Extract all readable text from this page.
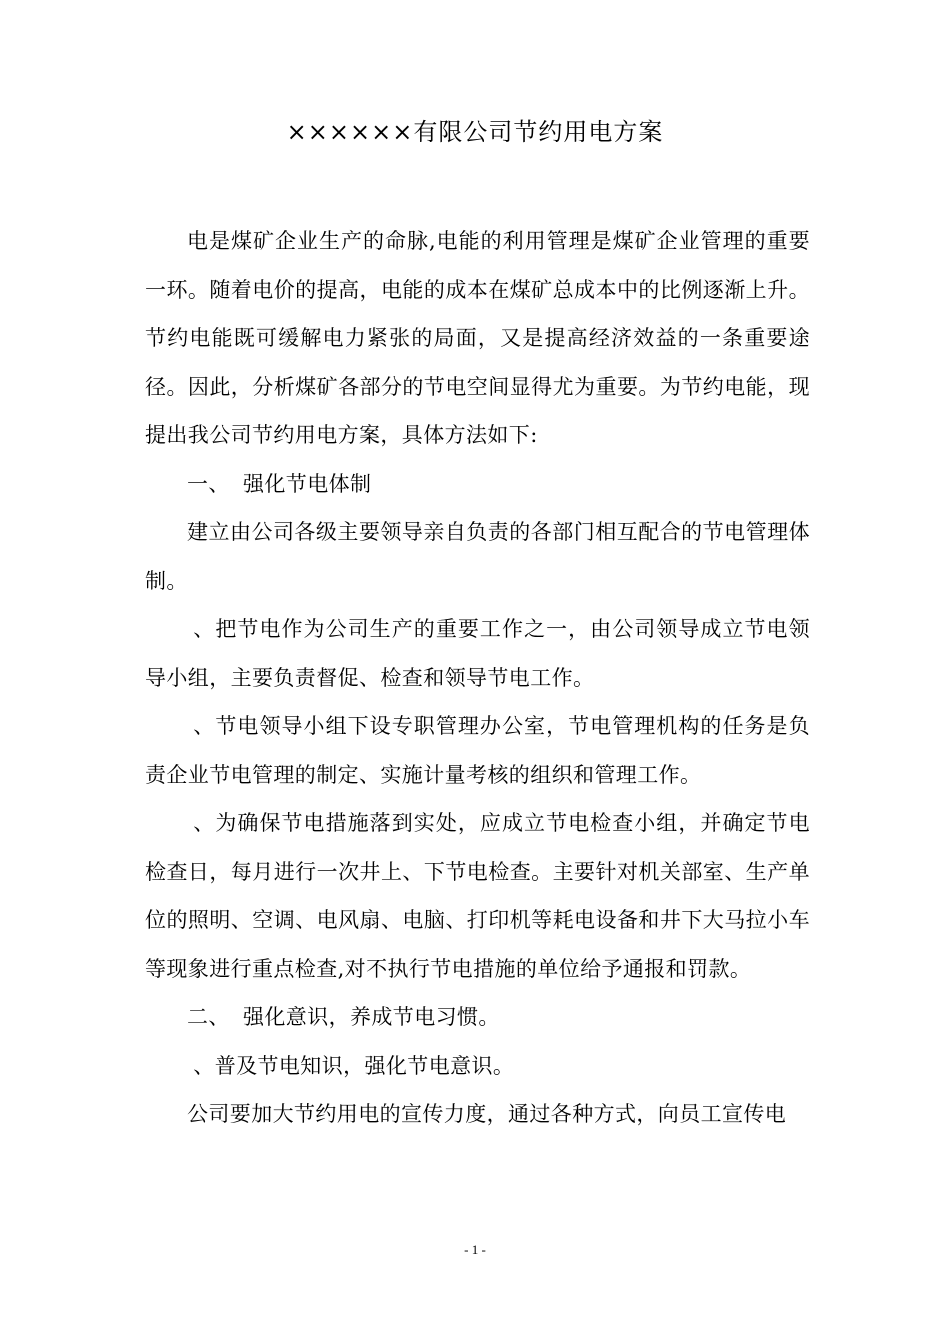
××××××有限公司节约用电方案

电是煤矿企业生产的命脉,电能的利用管理是煤矿企业管理的重要一环。随着电价的提高，电能的成本在煤矿总成本中的比例逐渐上升。节约电能既可缓解电力紧张的局面，又是提高经济效益的一条重要途径。因此，分析煤矿各部分的节电空间显得尤为重要。为节约电能，现提出我公司节约用电方案，具体方法如下:

一、 强化节电体制

建立由公司各级主要领导亲自负责的各部门相互配合的节电管理体制。

、把节电作为公司生产的重要工作之一，由公司领导成立节电领导小组，主要负责督促、检查和领导节电工作。

、节电领导小组下设专职管理办公室，节电管理机构的任务是负责企业节电管理的制定、实施计量考核的组织和管理工作。

、为确保节电措施落到实处，应成立节电检查小组，并确定节电检查日，每月进行一次井上、下节电检查。主要针对机关部室、生产单位的照明、空调、电风扇、电脑、打印机等耗电设备和井下大马拉小车等现象进行重点检查,对不执行节电措施的单位给予通报和罚款。

二、 强化意识，养成节电习惯。

、普及节电知识，强化节电意识。

公司要加大节约用电的宣传力度，通过各种方式，向员工宣传电

- 1 -
